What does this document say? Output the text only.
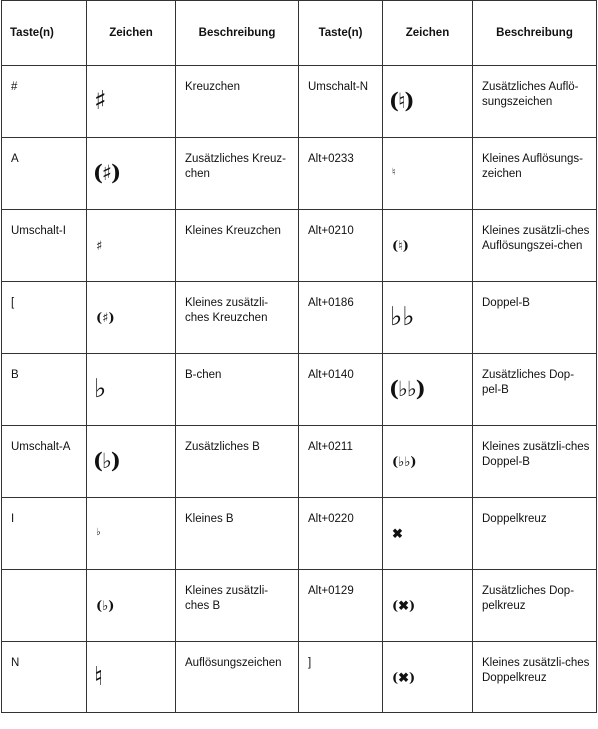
Taste(n)	Zeichen	Beschreibung	Taste(n)	Zeichen	Beschreibung
#	♯	Kreuzchen	Umschalt-N	(♮)	Zusätzliches Auflö-sungszeichen
A	(♯)	Zusätzliches Kreuz-chen	Alt+0233	♮	Kleines Auflösungs-zeichen
Umschalt-I	♯	Kleines Kreuzchen	Alt+0210	(♮)	Kleines zusätzli-ches Auflösungszei-chen
[	(♯)	Kleines zusätzli-ches Kreuzchen	Alt+0186	♭♭	Doppel-B
B	♭	B-chen	Alt+0140	(♭♭)	Zusätzliches Dop-pel-B
Umschalt-A	(♭)	Zusätzliches B	Alt+0211	(♭♭)	Kleines zusätzli-ches Doppel-B
I	♭	Kleines B	Alt+0220	✖	Doppelkreuz

	(♭)	Kleines zusätzli-ches B	Alt+0129	(✖)	Zusätzliches Dop-pelkreuz
N	♮	Auflösungszeichen	]	(✖)	Kleines zusätzli-ches Doppelkreuz
